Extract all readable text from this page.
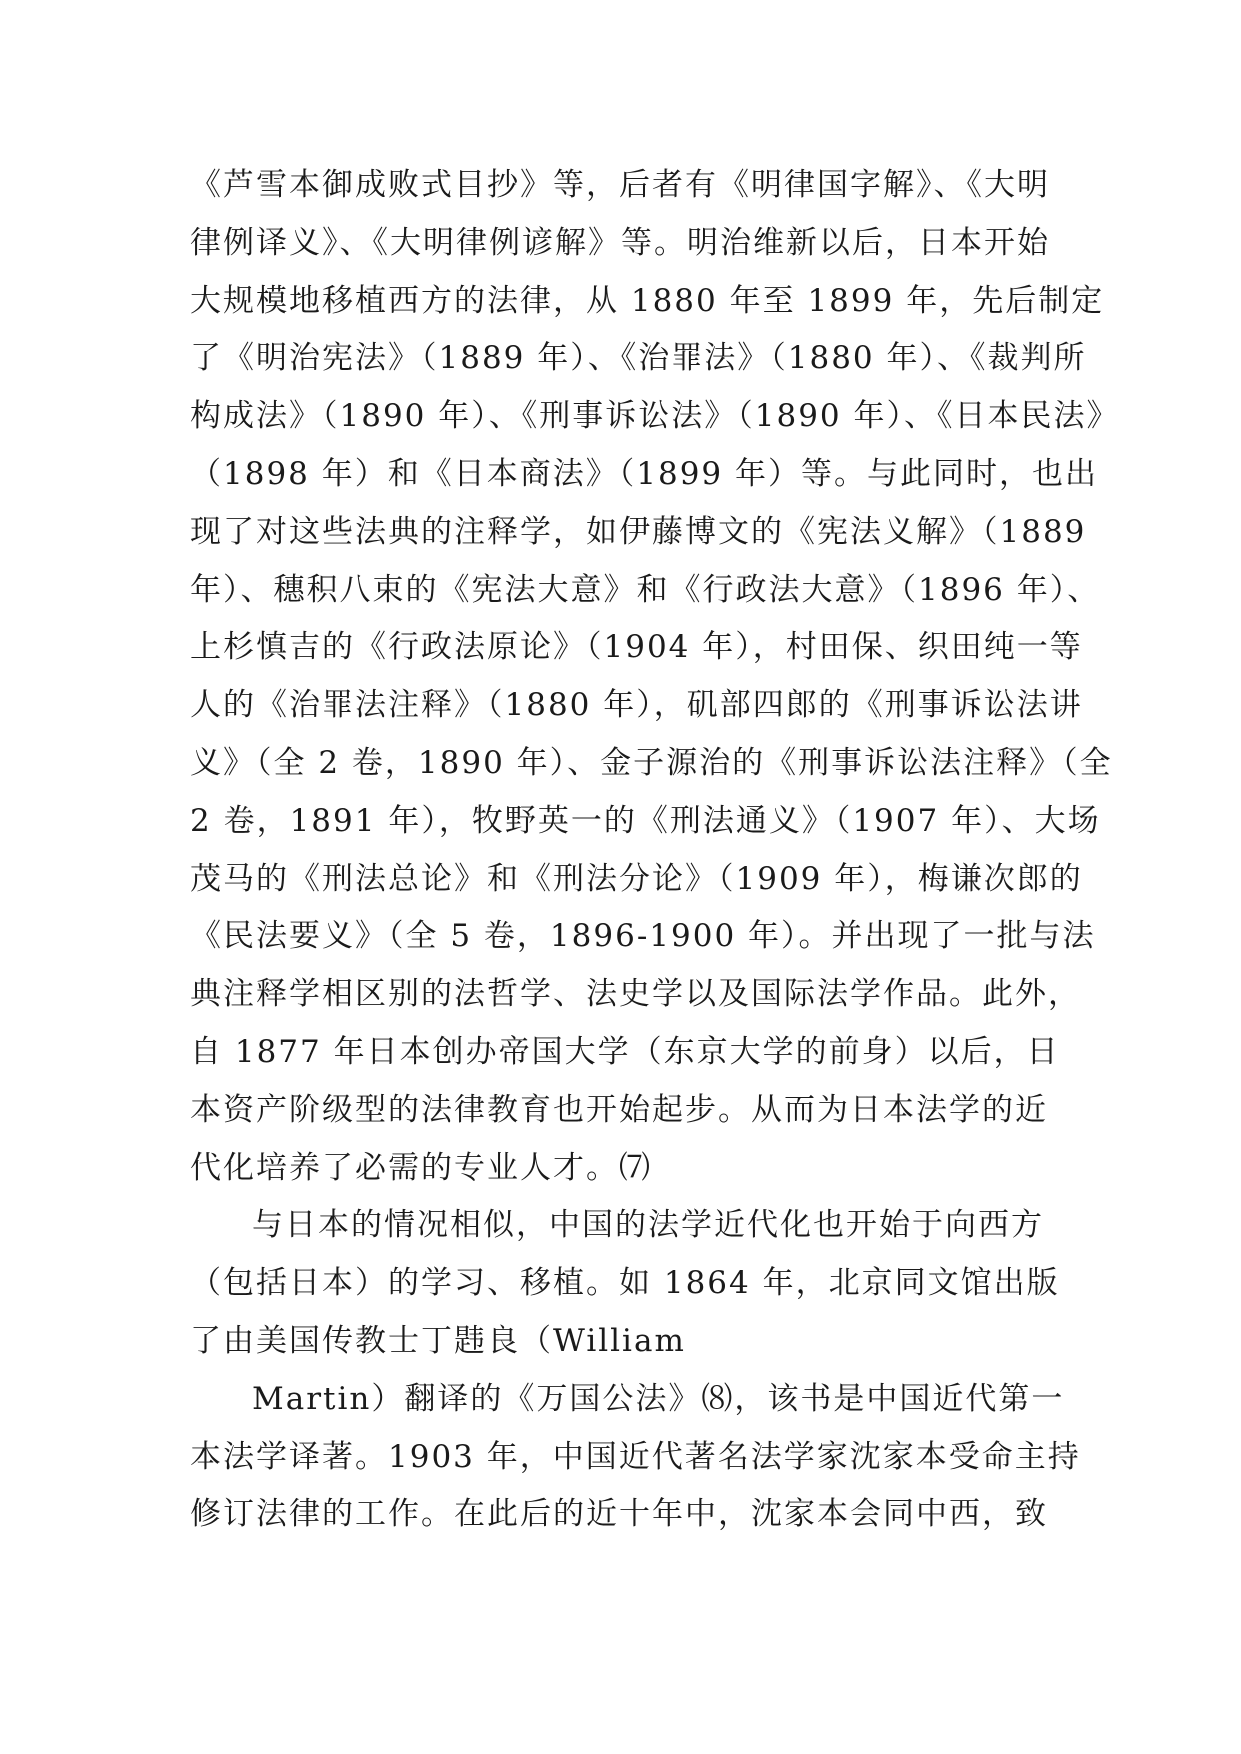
《芦雪本御成败式目抄》等，后者有《明律国字解》、《大明
律例译义》、《大明律例谚解》等。明治维新以后，日本开始
大规模地移植西方的法律，从 1880 年至 1899 年，先后制定
了《明治宪法》（1889 年）、《治罪法》（1880 年）、《裁判所
构成法》（1890 年）、《刑事诉讼法》（1890 年）、《日本民法》
（1898 年）和《日本商法》（1899 年）等。与此同时，也出
现了对这些法典的注释学，如伊藤博文的《宪法义解》（1889
年）、穗积八束的《宪法大意》和《行政法大意》（1896 年）、
上杉慎吉的《行政法原论》（1904 年），村田保、织田纯一等
人的《治罪法注释》（1880 年），矶部四郎的《刑事诉讼法讲
义》（全 2 卷，1890 年）、金子源治的《刑事诉讼法注释》（全
2 卷，1891 年），牧野英一的《刑法通义》（1907 年）、大场
茂马的《刑法总论》和《刑法分论》（1909 年），梅谦次郎的
《民法要义》（全 5 卷，1896-1900 年）。并出现了一批与法
典注释学相区别的法哲学、法史学以及国际法学作品。此外，
自 1877 年日本创办帝国大学（东京大学的前身）以后，日
本资产阶级型的法律教育也开始起步。从而为日本法学的近
代化培养了必需的专业人才。⑺
与日本的情况相似，中国的法学近代化也开始于向西方
（包括日本）的学习、移植。如 1864 年，北京同文馆出版
了由美国传教士丁韪良（William
Martin）翻译的《万国公法》⑻，该书是中国近代第一
本法学译著。1903 年，中国近代著名法学家沈家本受命主持
修订法律的工作。在此后的近十年中，沈家本会同中西，致
